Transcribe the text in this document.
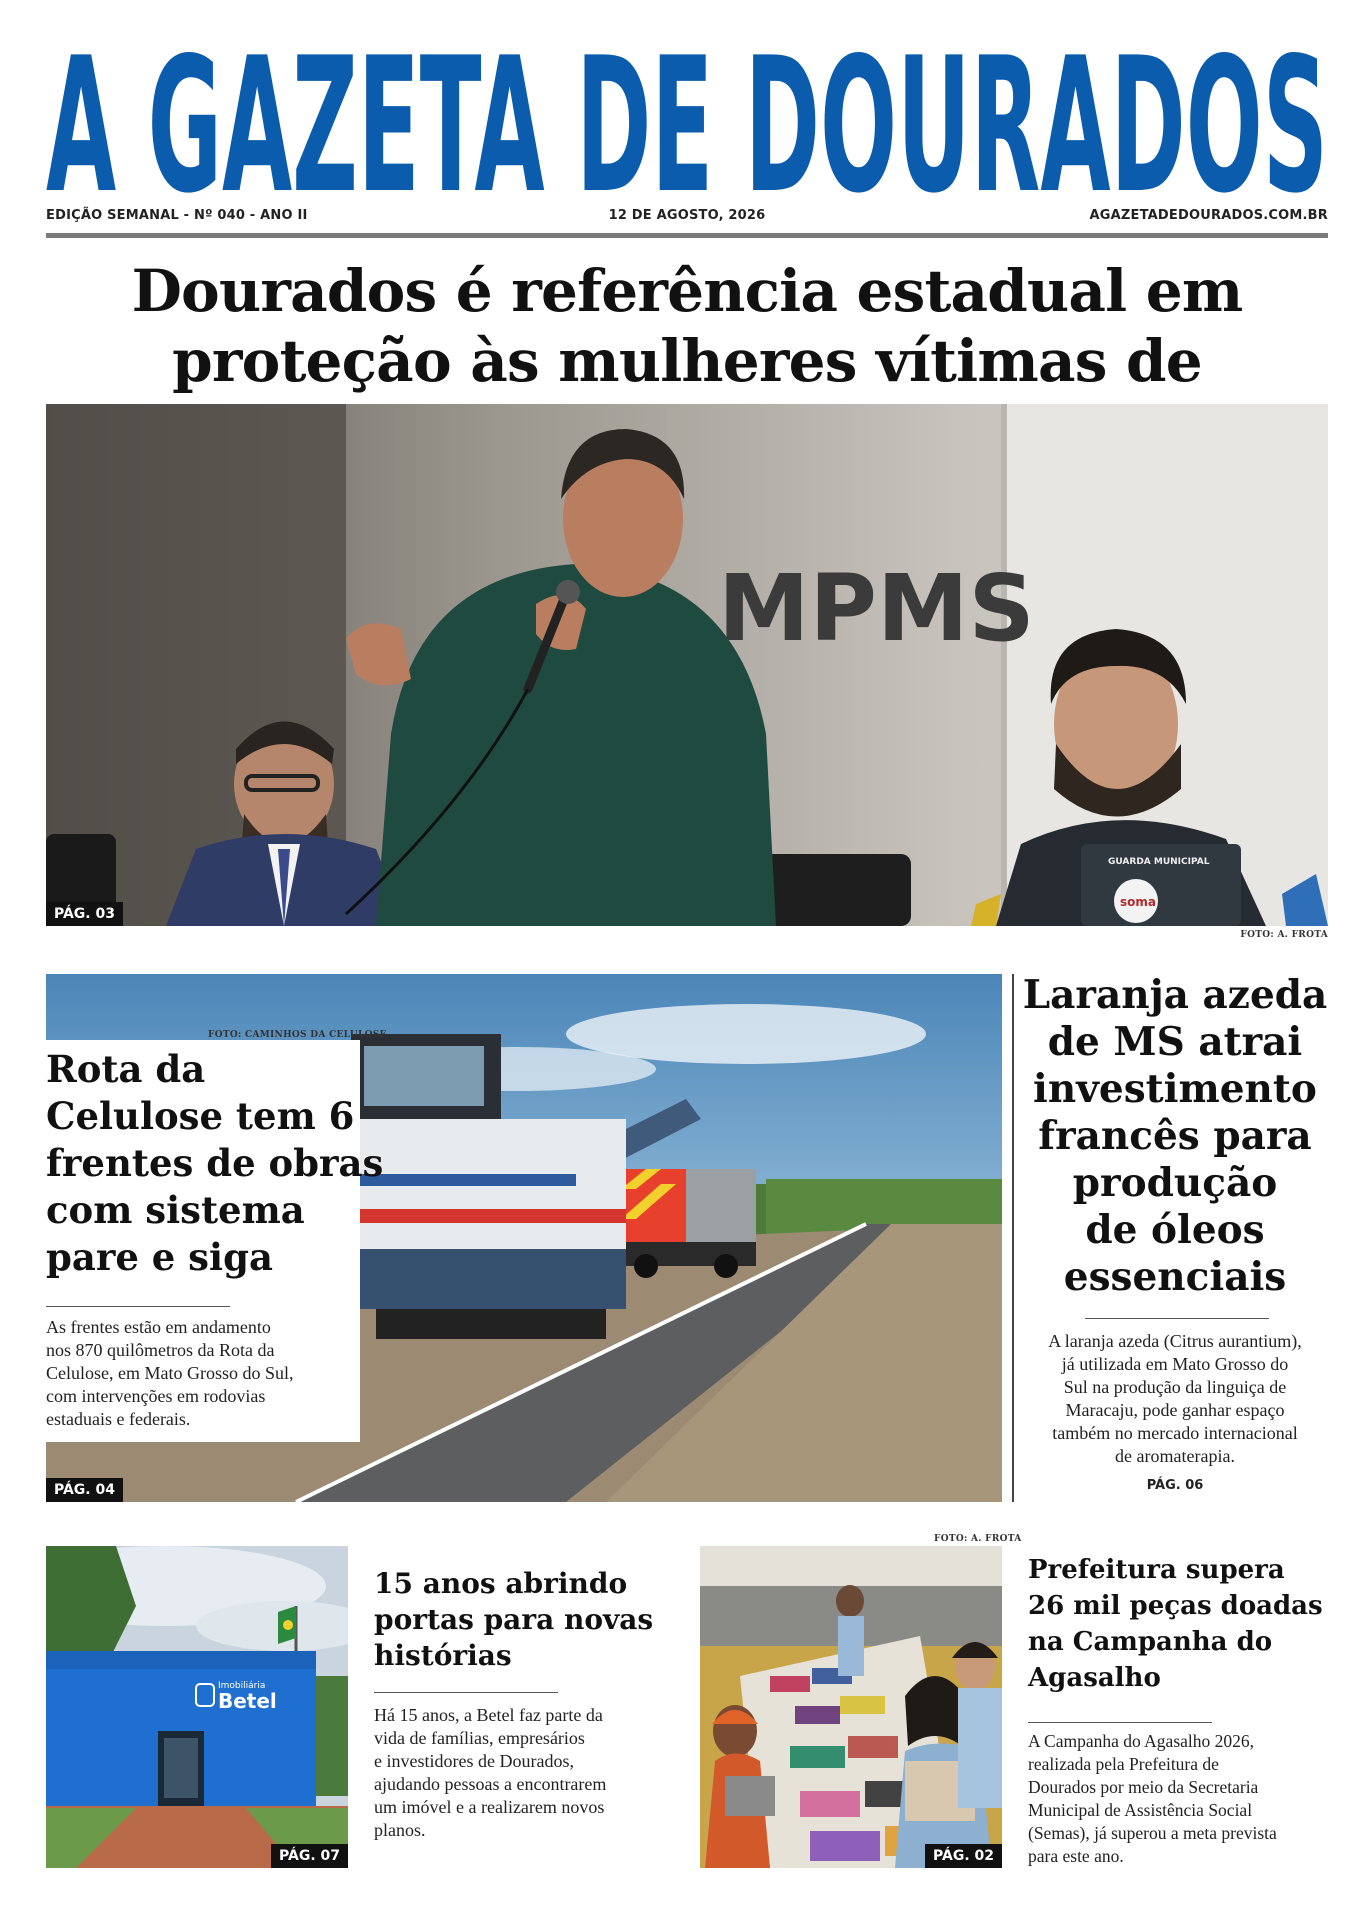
A GAZETA DE DOURADOS
EDIÇÃO SEMANAL - Nº 040 - ANO II	12 DE AGOSTO, 2026	AGAZETADEDOURADOS.COM.BR
Dourados é referência estadual em
proteção às mulheres vítimas de
MPMS
GUARDA MUNICIPAL
soma
PÁG. 03
FOTO: A. FROTA
PÁG. 04
FOTO: CAMINHOS DA CELULOSE
Rota da
Celulose tem 6
frentes de obras
com sistema
pare e siga
As frentes estão em andamento
nos 870 quilômetros da Rota da
Celulose, em Mato Grosso do Sul,
com intervenções em rodovias
estaduais e federais.
Laranja azeda
de MS atrai
investimento
francês para
produção
de óleos
essenciais
A laranja azeda (Citrus aurantium),
já utilizada em Mato Grosso do
Sul na produção da linguiça de
Maracaju, pode ganhar espaço
também no mercado internacional
de aromaterapia.
PÁG. 06
Imobiliária
Betel
PÁG. 07
15 anos abrindo
portas para novas
histórias
Há 15 anos, a Betel faz parte da
vida de famílias, empresários
e investidores de Dourados,
ajudando pessoas a encontrarem
um imóvel e a realizarem novos
planos.
FOTO: A. FROTA
PÁG. 02
Prefeitura supera
26 mil peças doadas
na Campanha do
Agasalho
A Campanha do Agasalho 2026,
realizada pela Prefeitura de
Dourados por meio da Secretaria
Municipal de Assistência Social
(Semas), já superou a meta prevista
para este ano.
